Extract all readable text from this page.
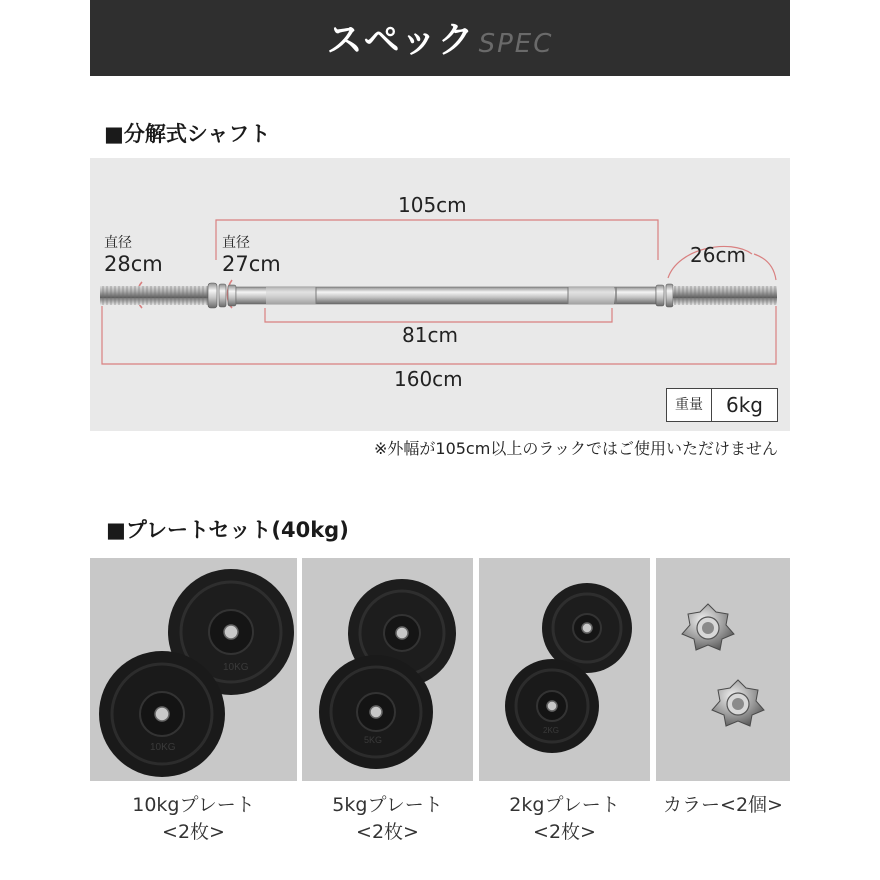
スペック SPEC
■分解式シャフト
105cm
81cm
160cm
26cm
直径
28cm
直径
27cm
重量	6kg
※外幅が105cm以上のラックではご使用いただけません
■プレートセット(40kg)
10KG
10KG
5KG
2KG
10kgプレート
<2枚>
5kgプレート
<2枚>
2kgプレート
<2枚>
カラー<2個>
